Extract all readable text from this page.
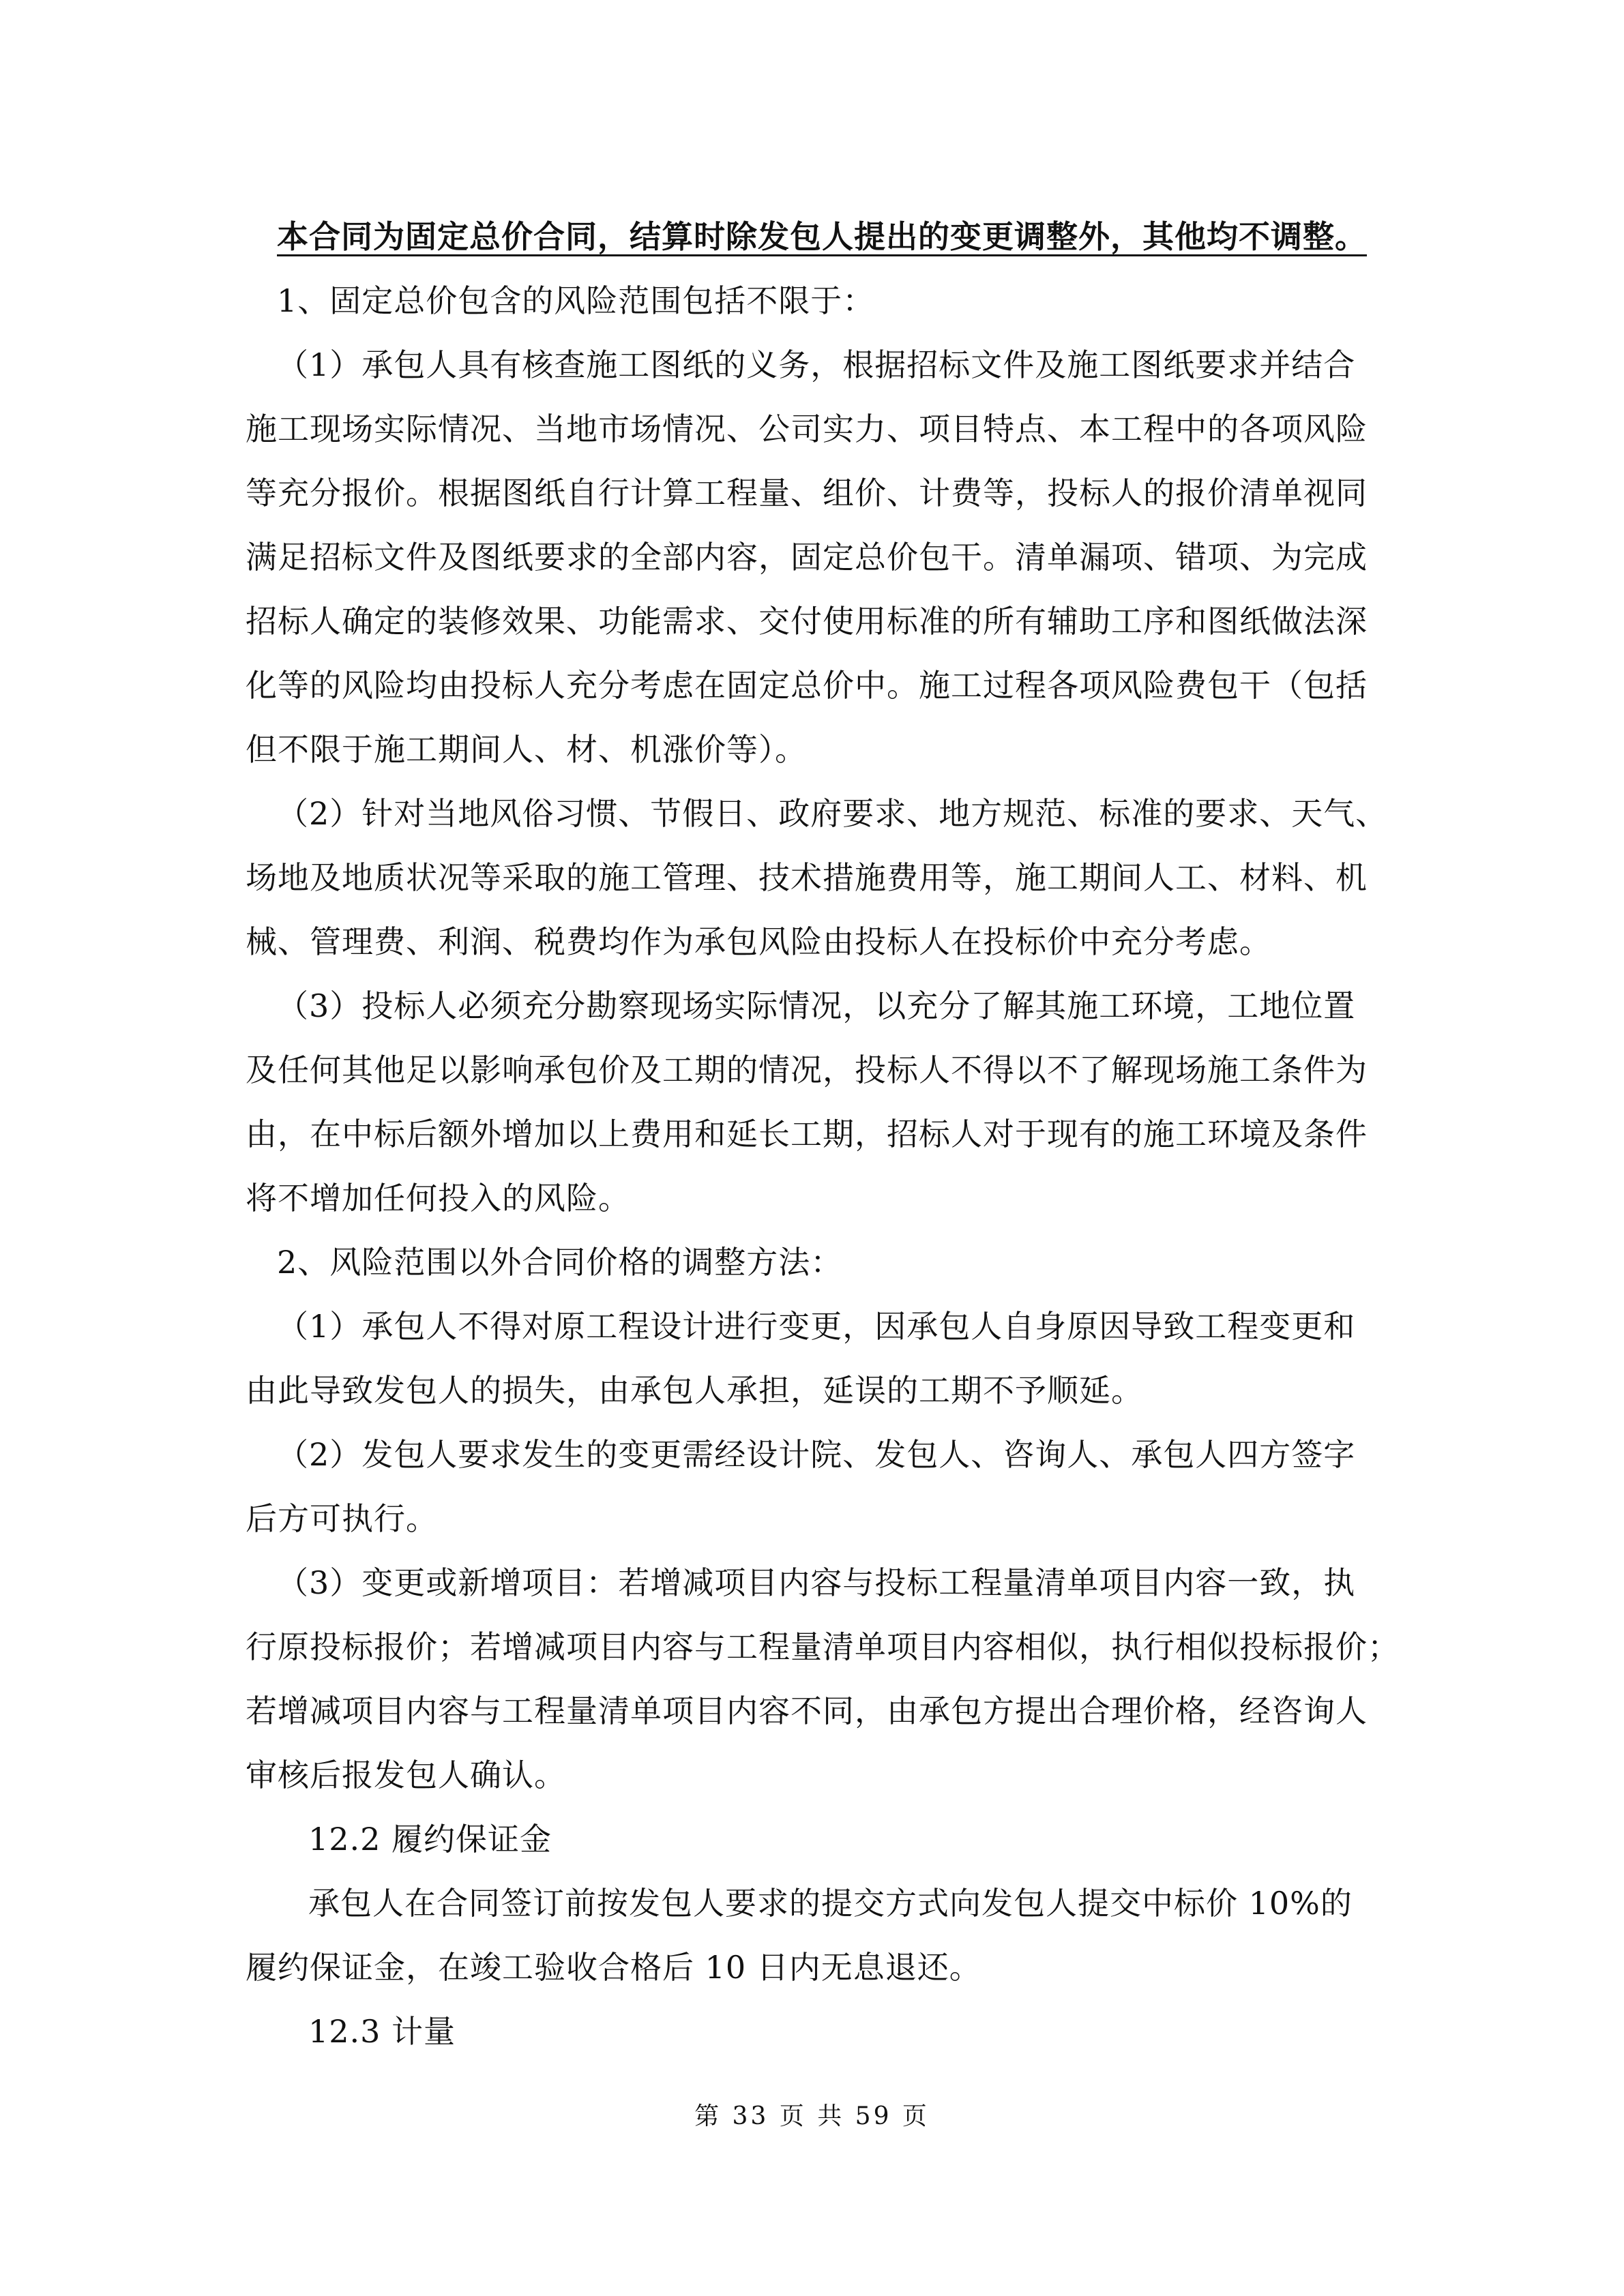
本合同为固定总价合同，结算时除发包人提出的变更调整外，其他均不调整。
1、固定总价包含的风险范围包括不限于：
（1）承包人具有核查施工图纸的义务，根据招标文件及施工图纸要求并结合
施工现场实际情况、当地市场情况、公司实力、项目特点、本工程中的各项风险
等充分报价。根据图纸自行计算工程量、组价、计费等，投标人的报价清单视同
满足招标文件及图纸要求的全部内容，固定总价包干。清单漏项、错项、为完成
招标人确定的装修效果、功能需求、交付使用标准的所有辅助工序和图纸做法深
化等的风险均由投标人充分考虑在固定总价中。施工过程各项风险费包干（包括
但不限于施工期间人、材、机涨价等）。
（2）针对当地风俗习惯、节假日、政府要求、地方规范、标准的要求、天气、
场地及地质状况等采取的施工管理、技术措施费用等，施工期间人工、材料、机
械、管理费、利润、税费均作为承包风险由投标人在投标价中充分考虑。
（3）投标人必须充分勘察现场实际情况，以充分了解其施工环境，工地位置
及任何其他足以影响承包价及工期的情况，投标人不得以不了解现场施工条件为
由，在中标后额外增加以上费用和延长工期，招标人对于现有的施工环境及条件
将不增加任何投入的风险。
2、风险范围以外合同价格的调整方法：
（1）承包人不得对原工程设计进行变更，因承包人自身原因导致工程变更和
由此导致发包人的损失，由承包人承担，延误的工期不予顺延。
（2）发包人要求发生的变更需经设计院、发包人、咨询人、承包人四方签字
后方可执行。
（3）变更或新增项目：若增减项目内容与投标工程量清单项目内容一致，执
行原投标报价；若增减项目内容与工程量清单项目内容相似，执行相似投标报价；
若增减项目内容与工程量清单项目内容不同，由承包方提出合理价格，经咨询人
审核后报发包人确认。
12.2 履约保证金
承包人在合同签订前按发包人要求的提交方式向发包人提交中标价 10%的
履约保证金，在竣工验收合格后 10 日内无息退还。
12.3 计量
第 33 页 共 59 页
